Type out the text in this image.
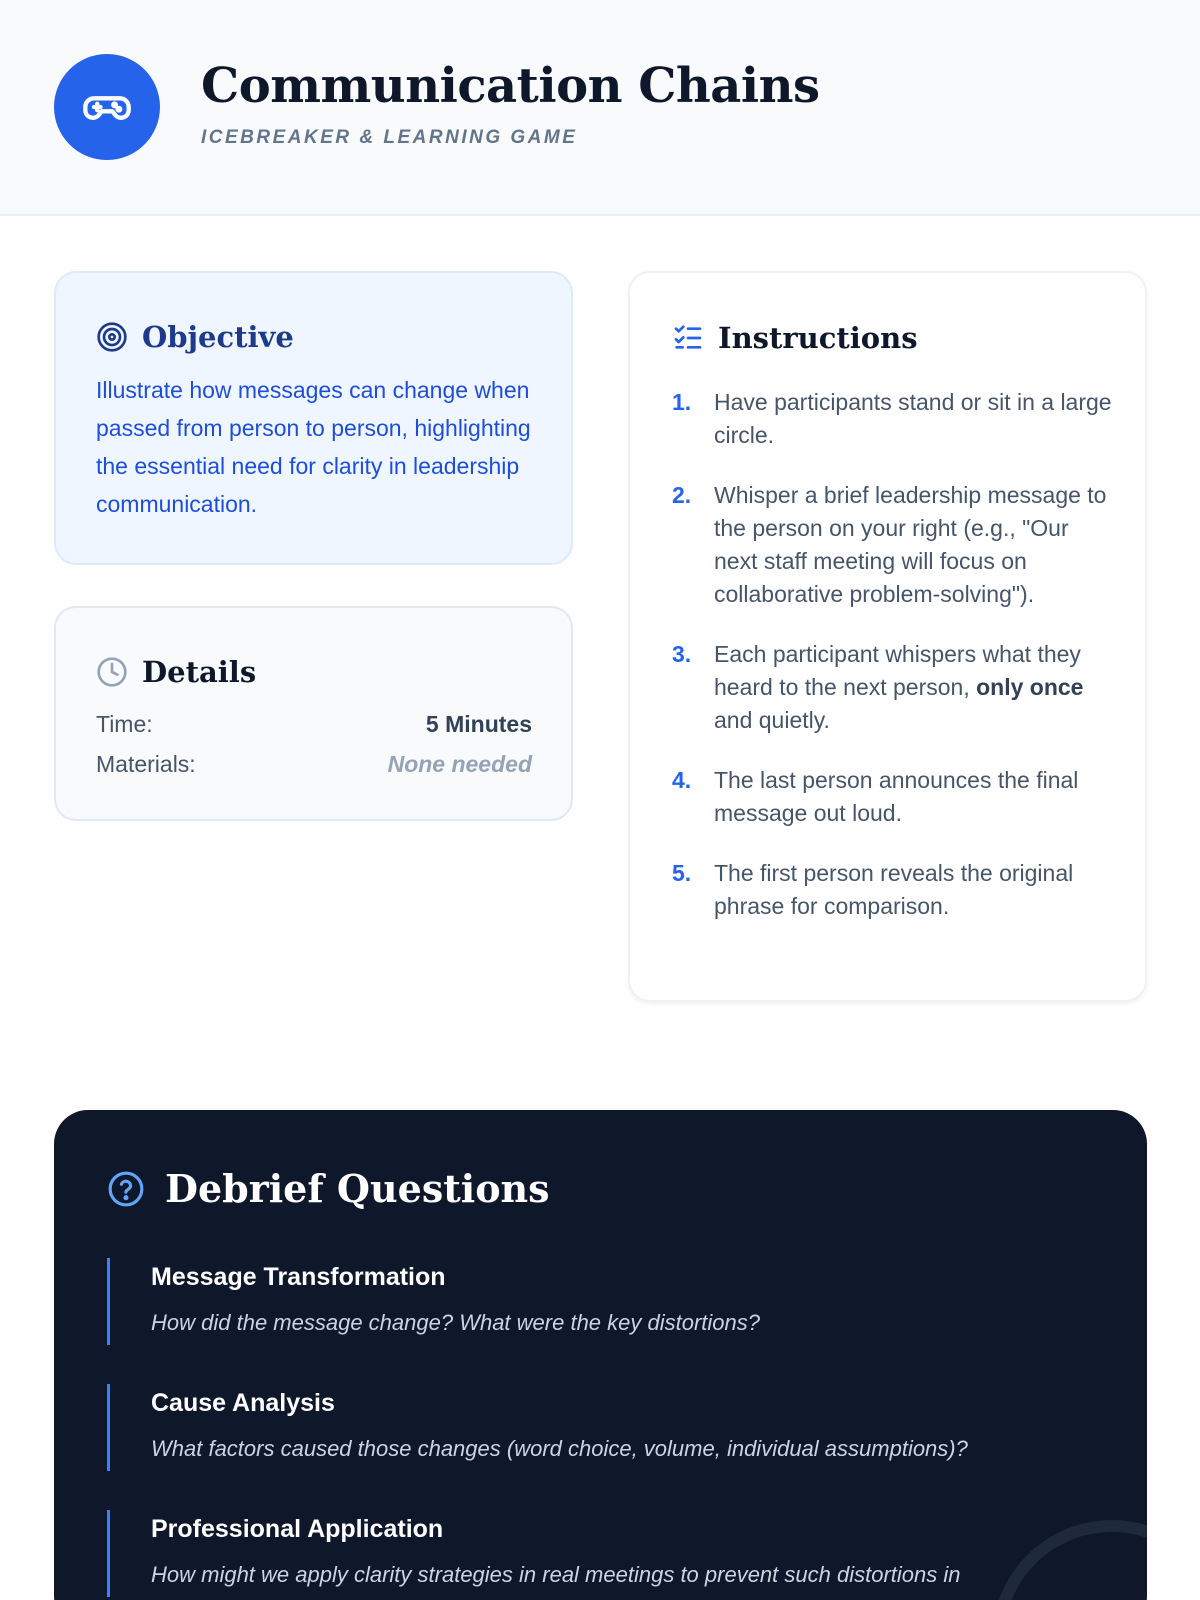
Communication Chains
ICEBREAKER & LEARNING GAME
Objective

Illustrate how messages can change when passed from person to person, highlighting the essential need for clarity in leadership communication.

Details
Time:	5 Minutes
Materials:	None needed
Instructions
1. Have participants stand or sit in a large circle.
2. Whisper a brief leadership message to the person on your right (e.g., "Our next staff meeting will focus on collaborative problem-solving").
3. Each participant whispers what they heard to the next person, only once and quietly.
4. The last person announces the final message out loud.
5. The first person reveals the original phrase for comparison.
Debrief Questions
Message Transformation
How did the message change? What were the key distortions?
Cause Analysis
What factors caused those changes (word choice, volume, individual assumptions)?
Professional Application
How might we apply clarity strategies in real meetings to prevent such distortions in
